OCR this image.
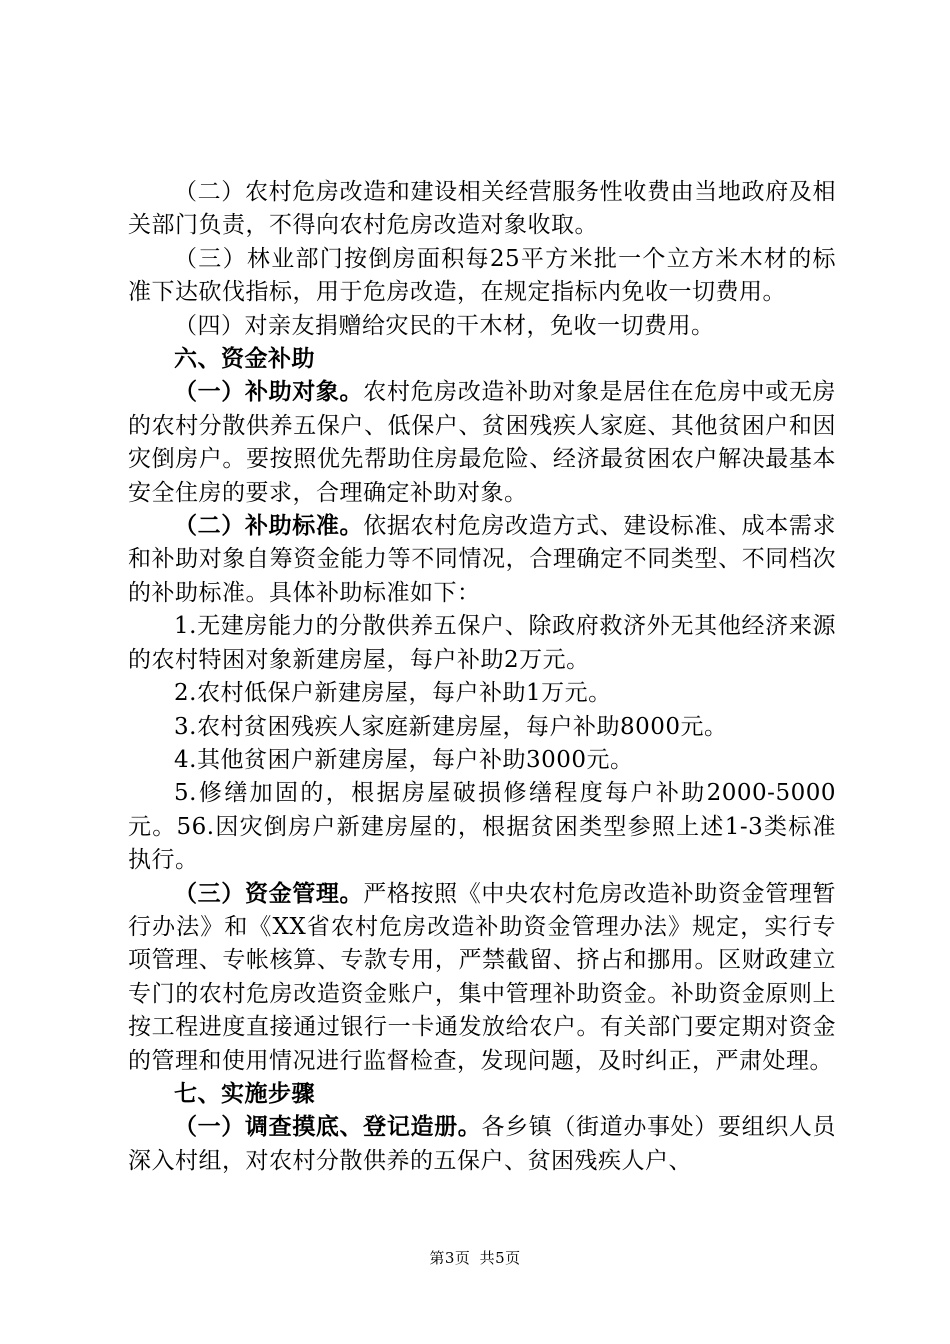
（二）农村危房改造和建设相关经营服务性收费由当地政府及相关部门负责，不得向农村危房改造对象收取。

（三）林业部门按倒房面积每25平方米批一个立方米木材的标准下达砍伐指标，用于危房改造，在规定指标内免收一切费用。

（四）对亲友捐赠给灾民的干木材，免收一切费用。

六、资金补助

（一）补助对象。农村危房改造补助对象是居住在危房中或无房的农村分散供养五保户、低保户、贫困残疾人家庭、其他贫困户和因灾倒房户。要按照优先帮助住房最危险、经济最贫困农户解决最基本安全住房的要求，合理确定补助对象。

（二）补助标准。依据农村危房改造方式、建设标准、成本需求和补助对象自筹资金能力等不同情况，合理确定不同类型、不同档次的补助标准。具体补助标准如下：

1.无建房能力的分散供养五保户、除政府救济外无其他经济来源的农村特困对象新建房屋，每户补助2万元。

2.农村低保户新建房屋，每户补助1万元。

3.农村贫困残疾人家庭新建房屋，每户补助8000元。

4.其他贫困户新建房屋，每户补助3000元。

5.修缮加固的，根据房屋破损修缮程度每户补助2000-5000元。56.因灾倒房户新建房屋的，根据贫困类型参照上述1-3类标准执行。

（三）资金管理。严格按照《中央农村危房改造补助资金管理暂行办法》和《XX省农村危房改造补助资金管理办法》规定，实行专项管理、专帐核算、专款专用，严禁截留、挤占和挪用。区财政建立专门的农村危房改造资金账户，集中管理补助资金。补助资金原则上按工程进度直接通过银行一卡通发放给农户。有关部门要定期对资金的管理和使用情况进行监督检查，发现问题，及时纠正，严肃处理。

七、实施步骤

（一）调查摸底、登记造册。各乡镇（街道办事处）要组织人员深入村组，对农村分散供养的五保户、贫困残疾人户、

第3页 共5页
